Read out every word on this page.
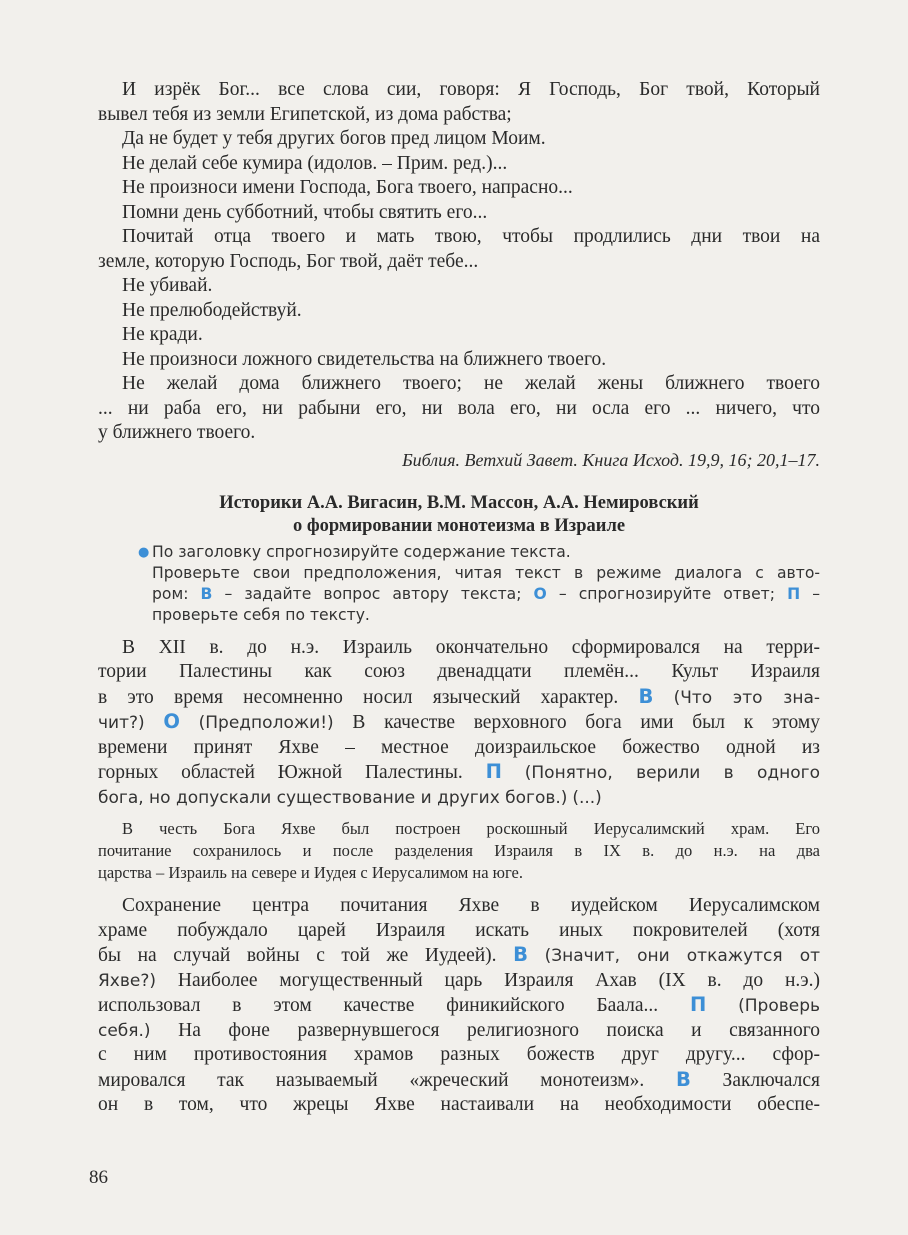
И изрёк Бог... все слова сии, говоря: Я Господь, Бог твой, Который
вывел тебя из земли Египетской, из дома рабства;
Да не будет у тебя других богов пред лицом Моим.
Не делай себе кумира (идолов. – Прим. ред.)...
Не произноси имени Господа, Бога твоего, напрасно...
Помни день субботний, чтобы святить его...
Почитай отца твоего и мать твою, чтобы продлились дни твои на
земле, которую Господь, Бог твой, даёт тебе...
Не убивай.
Не прелюбодействуй.
Не кради.
Не произноси ложного свидетельства на ближнего твоего.
Не желай дома ближнего твоего; не желай жены ближнего твоего
... ни раба его, ни рабыни его, ни вола его, ни осла его ... ничего, что
у ближнего твоего.
Библия. Ветхий Завет. Книга Исход. 19,9, 16; 20,1–17.
Историки А.А. Вигасин, В.М. Массон, А.А. Немировский
о формировании монотеизма в Израиле
● По заголовку спрогнозируйте содержание текста.
Проверьте свои предположения, читая текст в режиме диалога с авто-
ром: В – задайте вопрос автору текста; О – спрогнозируйте ответ; П –
проверьте себя по тексту.
В XII в. до н.э. Израиль окончательно сформировался на терри-
тории Палестины как союз двенадцати племён... Культ Израиля
в это время несомненно носил языческий характер. В (Что это зна-
чит?) О (Предположи!) В качестве верховного бога ими был к этому
времени принят Яхве – местное доизраильское божество одной из
горных областей Южной Палестины. П (Понятно, верили в одного
бога, но допускали существование и других богов.) (...)
В честь Бога Яхве был построен роскошный Иерусалимский храм. Его
почитание сохранилось и после разделения Израиля в IX в. до н.э. на два
царства – Израиль на севере и Иудея с Иерусалимом на юге.
Сохранение центра почитания Яхве в иудейском Иерусалимском
храме побуждало царей Израиля искать иных покровителей (хотя
бы на случай войны с той же Иудеей). В (Значит, они откажутся от
Яхве?) Наиболее могущественный царь Израиля Ахав (IX в. до н.э.)
использовал в этом качестве финикийского Баала... П (Проверь
себя.) На фоне развернувшегося религиозного поиска и связанного
с ним противостояния храмов разных божеств друг другу... сфор-
мировался так называемый «жреческий монотеизм». В Заключался
он в том, что жрецы Яхве настаивали на необходимости обеспе-
86
